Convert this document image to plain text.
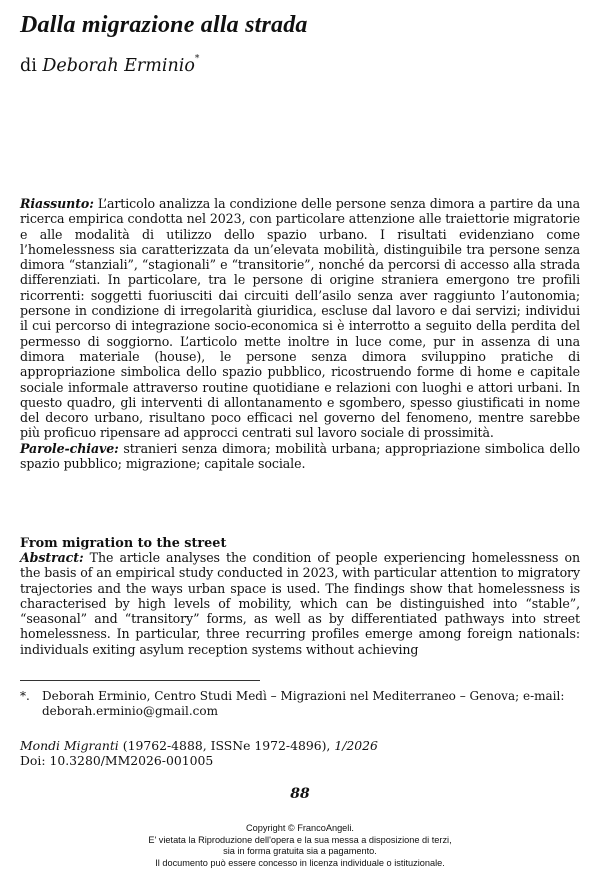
Dalla migrazione alla strada
di Deborah Erminio*
Riassunto: L’articolo analizza la condizione delle persone senza dimora a partire da una ricerca empirica condotta nel 2023, con particolare attenzione alle traiettorie migratorie e alle modalità di utilizzo dello spazio urbano. I risultati evidenziano come l’homelessness sia caratterizzata da un’elevata mobilità, distinguibile tra persone senza dimora “stanziali”, “stagionali” e “transitorie”, nonché da percorsi di accesso alla strada differenziati. In particolare, tra le persone di origine straniera emergono tre profili ricorrenti: soggetti fuoriusciti dai circuiti dell’asilo senza aver raggiunto l’autonomia; persone in condizione di irregolarità giuridica, escluse dal lavoro e dai servizi; individui il cui percorso di integrazione socio-economica si è interrotto a seguito della perdita del permesso di soggiorno. L’articolo mette inoltre in luce come, pur in assenza di una dimora materiale (house), le persone senza dimora sviluppino pratiche di appropriazione simbolica dello spazio pubblico, ricostruendo forme di home e capitale sociale informale attraverso routine quotidiane e relazioni con luoghi e attori urbani. In questo quadro, gli interventi di allontanamento e sgombero, spesso giustificati in nome del decoro urbano, risultano poco efficaci nel governo del fenomeno, mentre sarebbe più proficuo ripensare ad approcci centrati sul lavoro sociale di prossimità.
Parole-chiave: stranieri senza dimora; mobilità urbana; appropriazione simbolica dello spazio pubblico; migrazione; capitale sociale.
From migration to the street
Abstract: The article analyses the condition of people experiencing homelessness on the basis of an empirical study conducted in 2023, with particular attention to migratory trajectories and the ways urban space is used. The findings show that homelessness is characterised by high levels of mobility, which can be distinguished into “stable”, “seasonal” and “transitory” forms, as well as by differentiated pathways into street homelessness. In particular, three recurring profiles emerge among foreign nationals: individuals exiting asylum reception systems without achieving
*.	Deborah Erminio, Centro Studi Medì – Migrazioni nel Mediterraneo – Genova; e-mail: deborah.erminio@gmail.com
Mondi Migranti (19762-4888, ISSNe 1972-4896), 1/2026
Doi: 10.3280/MM2026-001005
88
Copyright © FrancoAngeli.
E' vietata la Riproduzione dell'opera e la sua messa a disposizione di terzi,
sia in forma gratuita sia a pagamento.
Il documento può essere concesso in licenza individuale o istituzionale.
